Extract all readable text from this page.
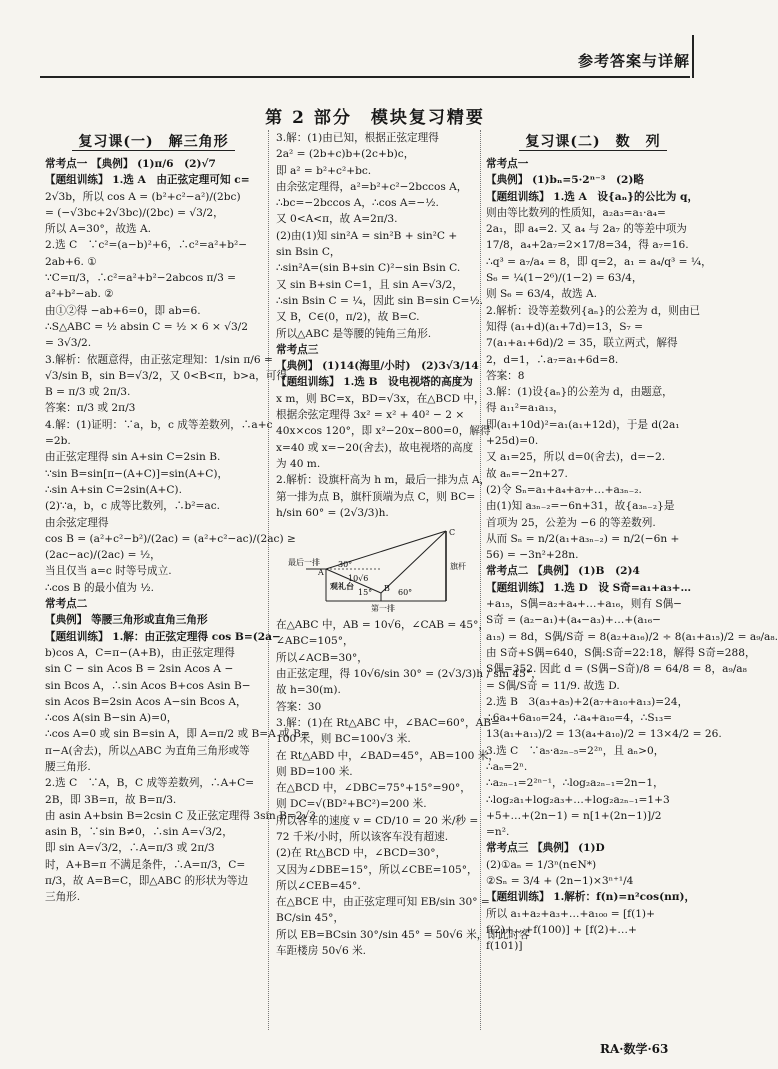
参考答案与详解
第 2 部分　模块复习精要
复习课(一)　解三角形
常考点一 【典例】 (1)π/6　(2)√7
【题组训练】 1.选 A　由正弦定理可知 c=
2√3b，所以 cos A = (b²+c²−a²)/(2bc)
= (−√3bc+2√3bc)/(2bc) = √3/2，
所以 A=30°，故选 A.
2.选 C　∵c²=(a−b)²+6，∴c²=a²+b²−
2ab+6. ①
∵C=π/3，∴c²=a²+b²−2abcos π/3 =
a²+b²−ab. ②
由①②得 −ab+6=0，即 ab=6.
∴S△ABC = ½ absin C = ½ × 6 × √3/2
= 3√3/2.
3.解析：依题意得，由正弦定理知：1/sin π/6 =
√3/sin B，sin B=√3/2，又 0<B<π，b>a，可得
B = π/3 或 2π/3.
答案：π/3 或 2π/3
4.解：(1)证明：∵a，b，c 成等差数列，∴a+c
=2b.
由正弦定理得 sin A+sin C=2sin B.
∵sin B=sin[π−(A+C)]=sin(A+C)，
∴sin A+sin C=2sin(A+C).
(2)∵a，b，c 成等比数列，∴b²=ac.
由余弦定理得
cos B = (a²+c²−b²)/(2ac) = (a²+c²−ac)/(2ac) ≥
(2ac−ac)/(2ac) = ½，
当且仅当 a=c 时等号成立.
∴cos B 的最小值为 ½.
常考点二
【典例】 等腰三角形或直角三角形
【题组训练】 1.解：由正弦定理得 cos B=(2a−
b)cos A，C=π−(A+B)，由正弦定理得
sin C − sin Acos B = 2sin Acos A −
sin Bcos A，∴sin Acos B+cos Asin B−
sin Acos B=2sin Acos A−sin Bcos A，
∴cos A(sin B−sin A)=0，
∴cos A=0 或 sin B=sin A，即 A=π/2 或 B=A 或 B=
π−A(舍去)，所以△ABC 为直角三角形或等
腰三角形.
2.选 C　∵A，B，C 成等差数列，∴A+C=
2B，即 3B=π，故 B=π/3.
由 asin A+bsin B=2csin C 及正弦定理得 3sin B=2√3
asin B，∵sin B≠0，∴sin A=√3/2，
即 sin A=√3/2，∴A=π/3 或 2π/3
时，A+B=π 不满足条件，∴A=π/3，C=
π/3，故 A=B=C，即△ABC 的形状为等边
三角形.
3.解：(1)由已知，根据正弦定理得
2a² = (2b+c)b+(2c+b)c，
即 a² = b²+c²+bc.
由余弦定理得，a²=b²+c²−2bccos A，
∴bc=−2bccos A，∴cos A=−½.
又 0<A<π，故 A=2π/3.
(2)由(1)知 sin²A = sin²B + sin²C +
sin Bsin C，
∴sin²A=(sin B+sin C)²−sin Bsin C.
又 sin B+sin C=1，且 sin A=√3/2，
∴sin Bsin C = ¼，因此 sin B=sin C=½.
又 B，C∈(0，π/2)，故 B=C.
所以△ABC 是等腰的钝角三角形.
常考点三
【典例】 (1)14(海里/小时)　(2)3√3/14
【题组训练】 1.选 B　设电视塔的高度为
x m，则 BC=x，BD=√3x，在△BCD 中，
根据余弦定理得 3x² = x² + 40² − 2 ×
40x×cos 120°，即 x²−20x−800=0，解得
x=40 或 x=−20(舍去)，故电视塔的高度
为 40 m.
2.解析：设旗杆高为 h m，最后一排为点 A，
第一排为点 B，旗杆顶端为点 C，则 BC=
h/sin 60° = (2√3/3)h.
最后一排
第一排
观礼台
旗杆
10√6
30°
15°	60°
A
B
C
在△ABC 中，AB = 10√6，∠CAB = 45°，
∠ABC=105°，
所以∠ACB=30°，
由正弦定理，得 10√6/sin 30° = (2√3/3)h / sin 45°，
故 h=30(m).
答案：30
3.解：(1)在 Rt△ABC 中，∠BAC=60°，AB=
100 米，则 BC=100√3 米.
在 Rt△ABD 中，∠BAD=45°，AB=100 米，
则 BD=100 米.
在△BCD 中，∠DBC=75°+15°=90°，
则 DC=√(BD²+BC²)=200 米.
所以客车的速度 v = CD/10 = 20 米/秒 =
72 千米/小时，所以该客车没有超速.
(2)在 Rt△BCD 中，∠BCD=30°，
又因为∠DBE=15°，所以∠CBE=105°，
所以∠CEB=45°.
在△BCE 中，由正弦定理可知 EB/sin 30° =
BC/sin 45°，
所以 EB=BCsin 30°/sin 45° = 50√6 米，即此时客
车距楼房 50√6 米.
复习课(二)　数　列
常考点一
【典例】 (1)bₙ=5·2ⁿ⁻³　(2)略
【题组训练】 1.选 A　设{aₙ}的公比为 q，
则由等比数列的性质知，a₂a₃=a₁·a₄=
2a₁，即 a₄=2. 又 a₄ 与 2a₇ 的等差中项为
17/8，a₄+2a₇=2×17/8=34，得 a₇=16.
∴q³ = a₇/a₄ = 8，即 q=2，a₁ = a₄/q³ = ¼，
S₆ = ¼(1−2⁶)/(1−2) = 63/4，
则 S₆ = 63/4，故选 A.
2.解析：设等差数列{aₙ}的公差为 d，则由已
知得 (a₁+d)(a₁+7d)=13，S₇ =
7(a₁+a₁+6d)/2 = 35，联立两式，解得
2，d=1，∴a₇=a₁+6d=8.
答案：8
3.解：(1)设{aₙ}的公差为 d，由题意，
得 a₁₁²=a₁a₁₃，
即(a₁+10d)²=a₁(a₁+12d)，于是 d(2a₁
+25d)=0.
又 a₁=25，所以 d=0(舍去)，d=−2.
故 aₙ=−2n+27.
(2)令 Sₙ=a₁+a₄+a₇+…+a₃ₙ₋₂.
由(1)知 a₃ₙ₋₂=−6n+31，故{a₃ₙ₋₂}是
首项为 25，公差为 −6 的等差数列.
从而 Sₙ = n/2(a₁+a₃ₙ₋₂) = n/2(−6n +
56) = −3n²+28n.
常考点二 【典例】 (1)B　(2)4
【题组训练】 1.选 D　设 S奇=a₁+a₃+…
+a₁₅，S偶=a₂+a₄+…+a₁₆，则有 S偶−
S奇 = (a₂−a₁)+(a₄−a₃)+…+(a₁₆−
a₁₅) = 8d，S偶/S奇 = 8(a₂+a₁₆)/2 ÷ 8(a₁+a₁₅)/2 = a₉/a₈.
由 S奇+S偶=640，S偶:S奇=22:18，解得 S奇=288，
S偶=352. 因此 d = (S偶−S奇)/8 = 64/8 = 8，a₉/a₈
= S偶/S奇 = 11/9. 故选 D.
2.选 B　3(a₃+a₅)+2(a₇+a₁₀+a₁₃)=24，
∴6a₄+6a₁₀=24，∴a₄+a₁₀=4，∴S₁₃=
13(a₁+a₁₃)/2 = 13(a₄+a₁₀)/2 = 13×4/2 = 26.
3.选 C　∵a₅·a₂ₙ₋₅=2²ⁿ，且 aₙ>0，
∴aₙ=2ⁿ.
∴a₂ₙ₋₁=2²ⁿ⁻¹，∴log₂a₂ₙ₋₁=2n−1，
∴log₂a₁+log₂a₃+…+log₂a₂ₙ₋₁=1+3
+5+…+(2n−1) = n[1+(2n−1)]/2
=n².
常考点三 【典例】 (1)D
(2)①aₙ = 1/3ⁿ(n∈N*)
②Sₙ = 3/4 + (2n−1)×3ⁿ⁺¹/4
【题组训练】 1.解析：f(n)=n²cos(nπ)，
所以 a₁+a₂+a₃+…+a₁₀₀ = [f(1)+
f(2)+…+f(100)] + [f(2)+…+
f(101)]
RA·数学·63
